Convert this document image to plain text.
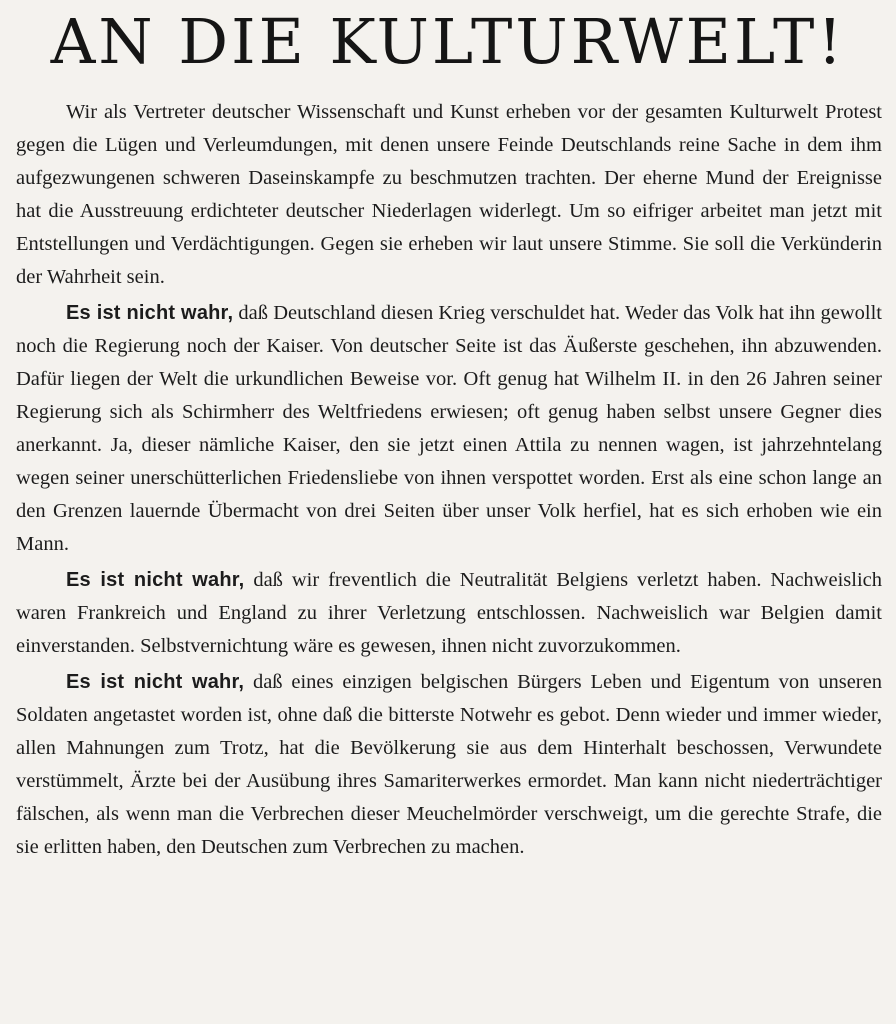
AN DIE KULTURWELT!

Wir als Vertreter deutscher Wissenschaft und Kunst erheben vor der gesamten Kulturwelt Protest gegen die Lügen und Verleumdungen, mit denen unsere Feinde Deutschlands reine Sache in dem ihm aufgezwungenen schweren Daseinskampfe zu beschmutzen trachten. Der eherne Mund der Ereignisse hat die Ausstreuung erdichteter deutscher Niederlagen widerlegt. Um so eifriger arbeitet man jetzt mit Entstellungen und Verdächtigungen. Gegen sie erheben wir laut unsere Stimme. Sie soll die Verkünderin der Wahrheit sein.

Es ist nicht wahr, daß Deutschland diesen Krieg verschuldet hat. Weder das Volk hat ihn gewollt noch die Regierung noch der Kaiser. Von deutscher Seite ist das Äußerste geschehen, ihn abzuwenden. Dafür liegen der Welt die urkundlichen Beweise vor. Oft genug hat Wilhelm II. in den 26 Jahren seiner Regierung sich als Schirmherr des Weltfriedens erwiesen; oft genug haben selbst unsere Gegner dies anerkannt. Ja, dieser nämliche Kaiser, den sie jetzt einen Attila zu nennen wagen, ist jahrzehntelang wegen seiner unerschütterlichen Friedensliebe von ihnen verspottet worden. Erst als eine schon lange an den Grenzen lauernde Übermacht von drei Seiten über unser Volk herfiel, hat es sich erhoben wie ein Mann.

Es ist nicht wahr, daß wir freventlich die Neutralität Belgiens verletzt haben. Nachweislich waren Frankreich und England zu ihrer Verletzung entschlossen. Nachweislich war Belgien damit einverstanden. Selbstvernichtung wäre es gewesen, ihnen nicht zuvorzukommen.

Es ist nicht wahr, daß eines einzigen belgischen Bürgers Leben und Eigentum von unseren Soldaten angetastet worden ist, ohne daß die bitterste Notwehr es gebot. Denn wieder und immer wieder, allen Mahnungen zum Trotz, hat die Bevölkerung sie aus dem Hinterhalt beschossen, Verwundete verstümmelt, Ärzte bei der Ausübung ihres Samariterwerkes ermordet. Man kann nicht niederträchtiger fälschen, als wenn man die Verbrechen dieser Meuchelmörder verschweigt, um die gerechte Strafe, die sie erlitten haben, den Deutschen zum Verbrechen zu machen.
